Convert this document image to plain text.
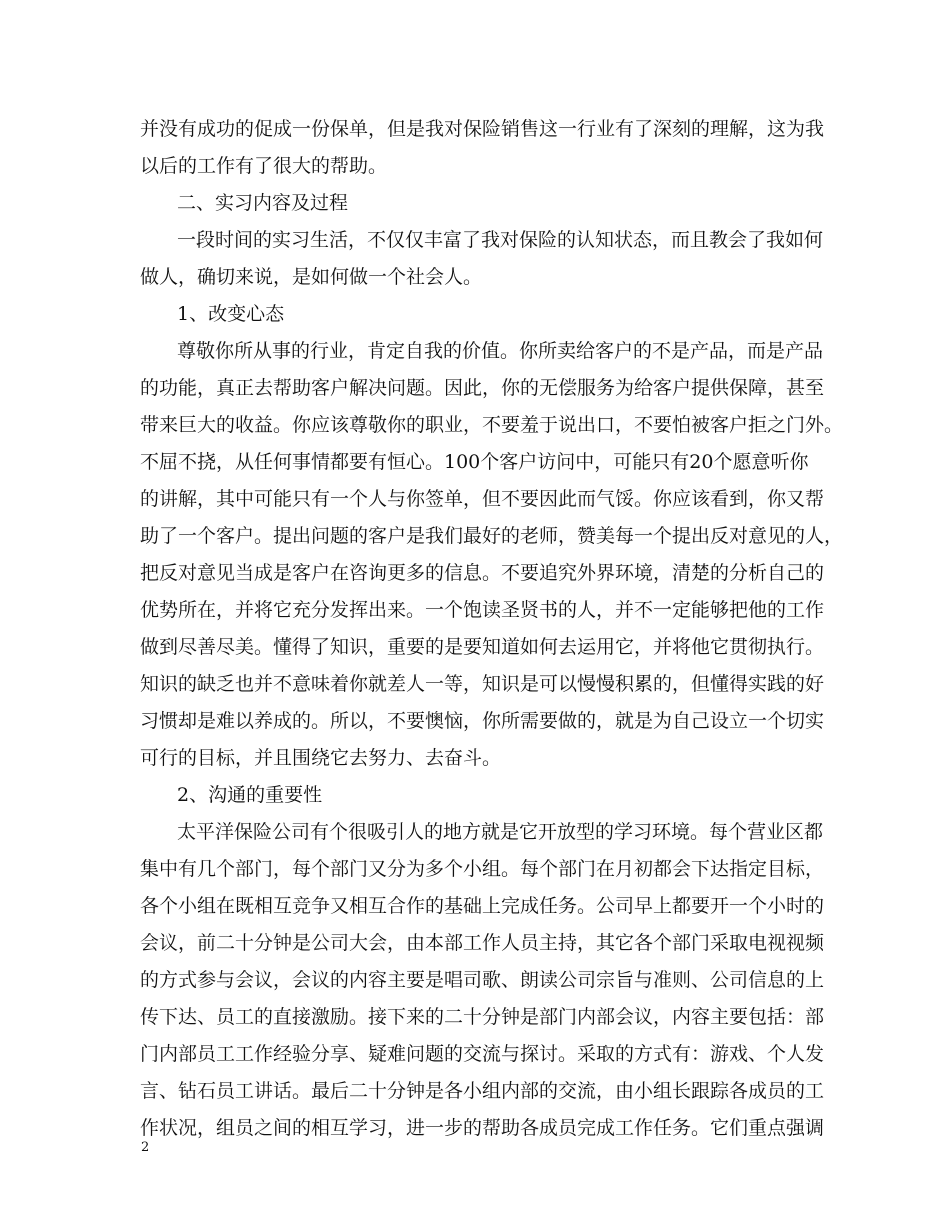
并没有成功的促成一份保单，但是我对保险销售这一行业有了深刻的理解，这为我
以后的工作有了很大的帮助。
二、实习内容及过程
一段时间的实习生活，不仅仅丰富了我对保险的认知状态，而且教会了我如何
做人，确切来说，是如何做一个社会人。
1、改变心态
尊敬你所从事的行业，肯定自我的价值。你所卖给客户的不是产品，而是产品
的功能，真正去帮助客户解决问题。因此，你的无偿服务为给客户提供保障，甚至
带来巨大的收益。你应该尊敬你的职业，不要羞于说出口，不要怕被客户拒之门外。
不屈不挠，从任何事情都要有恒心。100个客户访问中，可能只有20个愿意听你
的讲解，其中可能只有一个人与你签单，但不要因此而气馁。你应该看到，你又帮
助了一个客户。提出问题的客户是我们最好的老师，赞美每一个提出反对意见的人，
把反对意见当成是客户在咨询更多的信息。不要追究外界环境，清楚的分析自己的
优势所在，并将它充分发挥出来。一个饱读圣贤书的人，并不一定能够把他的工作
做到尽善尽美。懂得了知识，重要的是要知道如何去运用它，并将他它贯彻执行。
知识的缺乏也并不意味着你就差人一等，知识是可以慢慢积累的，但懂得实践的好
习惯却是难以养成的。所以，不要懊恼，你所需要做的，就是为自己设立一个切实
可行的目标，并且围绕它去努力、去奋斗。
2、沟通的重要性
太平洋保险公司有个很吸引人的地方就是它开放型的学习环境。每个营业区都
集中有几个部门，每个部门又分为多个小组。每个部门在月初都会下达指定目标，
各个小组在既相互竞争又相互合作的基础上完成任务。公司早上都要开一个小时的
会议，前二十分钟是公司大会，由本部工作人员主持，其它各个部门采取电视视频
的方式参与会议，会议的内容主要是唱司歌、朗读公司宗旨与准则、公司信息的上
传下达、员工的直接激励。接下来的二十分钟是部门内部会议，内容主要包括：部
门内部员工工作经验分享、疑难问题的交流与探讨。采取的方式有：游戏、个人发
言、钻石员工讲话。最后二十分钟是各小组内部的交流，由小组长跟踪各成员的工
作状况，组员之间的相互学习，进一步的帮助各成员完成工作任务。它们重点强调
2
